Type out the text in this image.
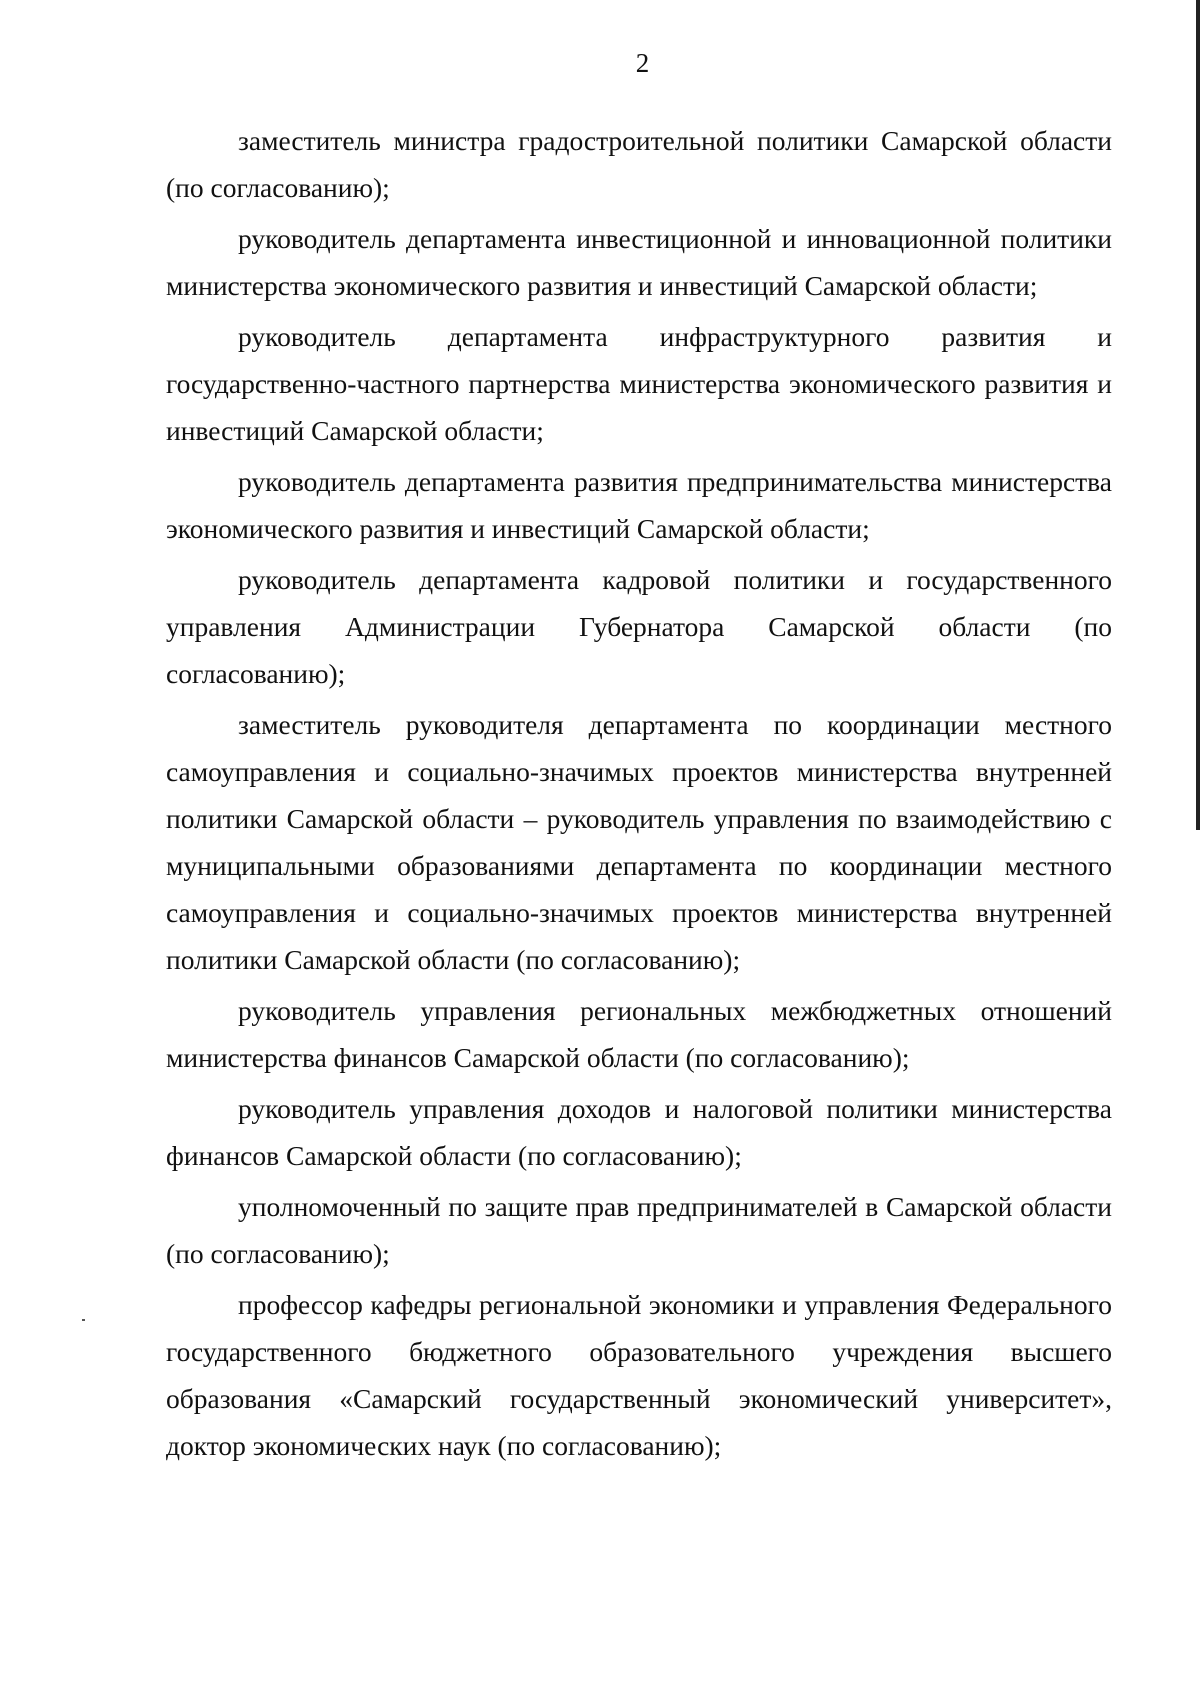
2

заместитель министра градостроительной политики Самарской области (по согласованию);

руководитель департамента инвестиционной и инновационной политики министерства экономического развития и инвестиций Самарской области;

руководитель департамента инфраструктурного развития и государственно-частного партнерства министерства экономического развития и инвестиций Самарской области;

руководитель департамента развития предпринимательства министерства экономического развития и инвестиций Самарской области;

руководитель департамента кадровой политики и государственного управления Администрации Губернатора Самарской области (по согласованию);

заместитель руководителя департамента по координации местного самоуправления и социально-значимых проектов министерства внутренней политики Самарской области – руководитель управления по взаимодействию с муниципальными образованиями департамента по координации местного самоуправления и социально-значимых проектов министерства внутренней политики Самарской области (по согласованию);

руководитель управления региональных межбюджетных отношений министерства финансов Самарской области (по согласованию);

руководитель управления доходов и налоговой политики министерства финансов Самарской области (по согласованию);

уполномоченный по защите прав предпринимателей в Самарской области (по согласованию);

профессор кафедры региональной экономики и управления Федерального государственного бюджетного образовательного учреждения высшего образования «Самарский государственный экономический университет», доктор экономических наук (по согласованию);
